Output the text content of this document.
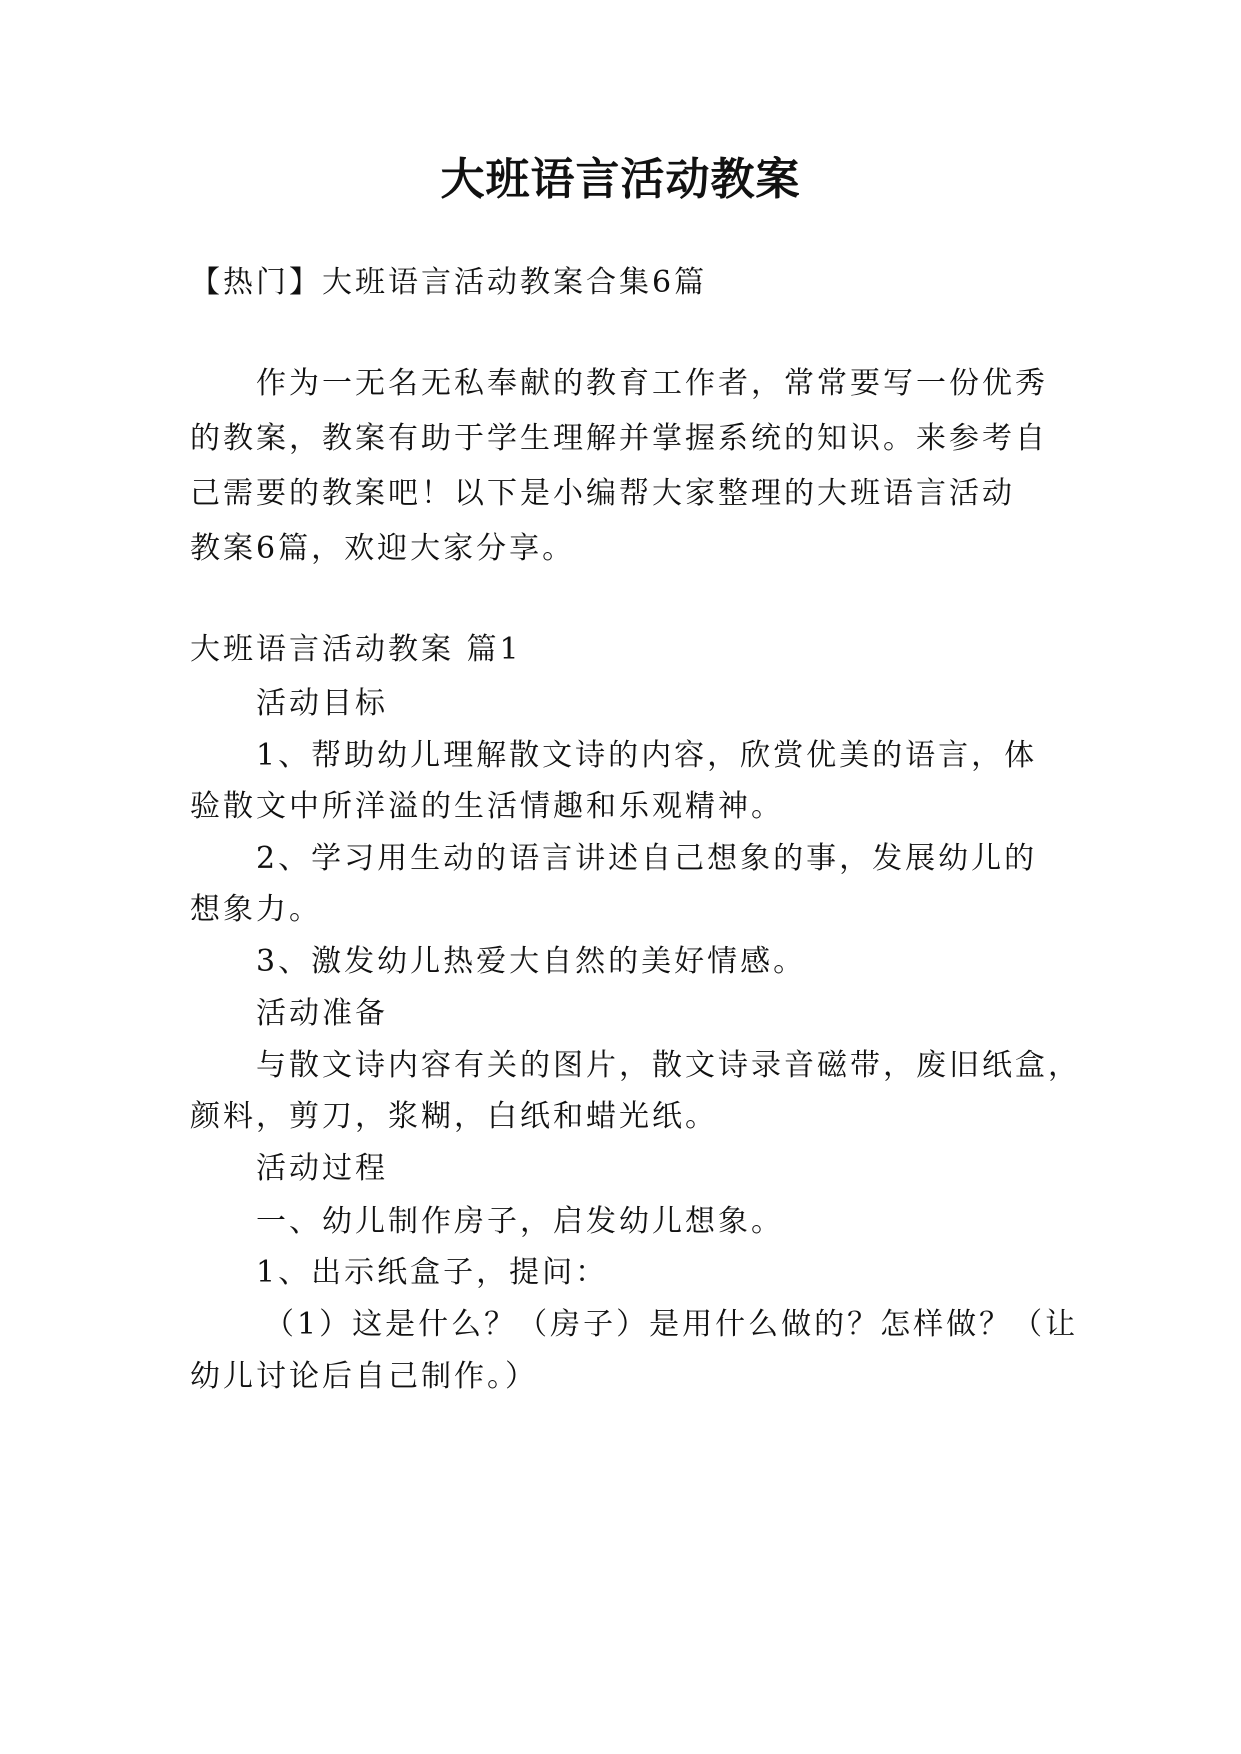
大班语言活动教案
【热门】大班语言活动教案合集6篇
作为一无名无私奉献的教育工作者，常常要写一份优秀
的教案，教案有助于学生理解并掌握系统的知识。来参考自
己需要的教案吧！以下是小编帮大家整理的大班语言活动
教案6篇，欢迎大家分享。
大班语言活动教案 篇1
活动目标
1、帮助幼儿理解散文诗的内容，欣赏优美的语言，体
验散文中所洋溢的生活情趣和乐观精神。
2、学习用生动的语言讲述自己想象的事，发展幼儿的
想象力。
3、激发幼儿热爱大自然的美好情感。
活动准备
与散文诗内容有关的图片，散文诗录音磁带，废旧纸盒，
颜料，剪刀，浆糊，白纸和蜡光纸。
活动过程
一、幼儿制作房子，启发幼儿想象。
1、出示纸盒子，提问：
（1）这是什么？（房子）是用什么做的？怎样做？（让
幼儿讨论后自己制作。）
